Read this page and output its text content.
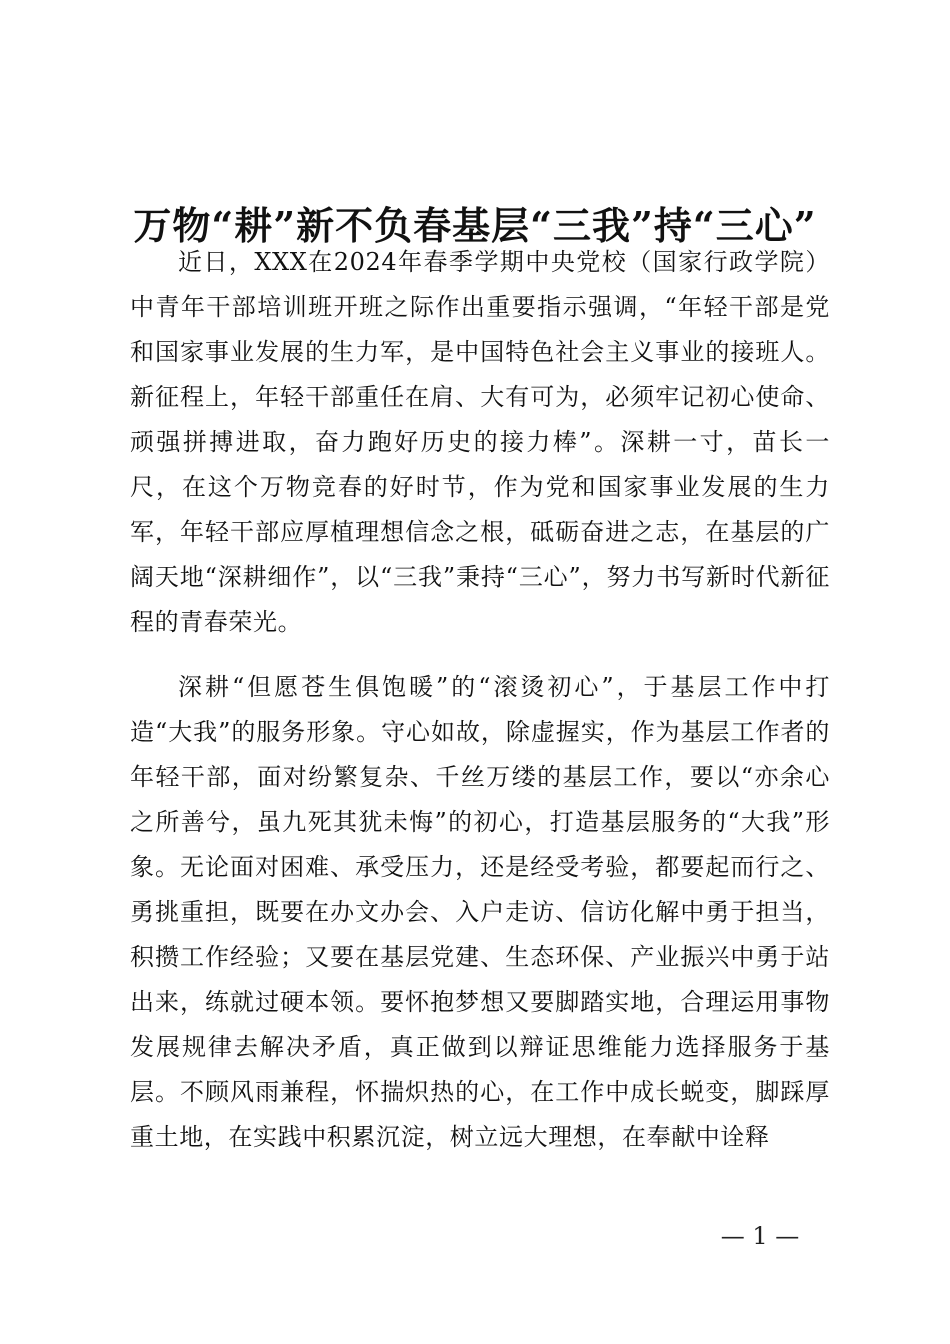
万物“耕”新不负春基层“三我”持“三心”

近日，XXX在2024年春季学期中央党校（国家行政学院）中青年干部培训班开班之际作出重要指示强调，“年轻干部是党和国家事业发展的生力军，是中国特色社会主义事业的接班人。新征程上，年轻干部重任在肩、大有可为，必须牢记初心使命、顽强拼搏进取，奋力跑好历史的接力棒”。深耕一寸，苗长一尺，在这个万物竞春的好时节，作为党和国家事业发展的生力军，年轻干部应厚植理想信念之根，砥砺奋进之志，在基层的广阔天地“深耕细作”，以“三我”秉持“三心”，努力书写新时代新征程的青春荣光。

深耕“但愿苍生俱饱暖”的“滚烫初心”，于基层工作中打造“大我”的服务形象。守心如故，除虚握实，作为基层工作者的年轻干部，面对纷繁复杂、千丝万缕的基层工作，要以“亦余心之所善兮，虽九死其犹未悔”的初心，打造基层服务的“大我”形象。无论面对困难、承受压力，还是经受考验，都要起而行之、勇挑重担，既要在办文办会、入户走访、信访化解中勇于担当，积攒工作经验；又要在基层党建、生态环保、产业振兴中勇于站出来，练就过硬本领。要怀抱梦想又要脚踏实地，合理运用事物发展规律去解决矛盾，真正做到以辩证思维能力选择服务于基层。不顾风雨兼程，怀揣炽热的心，在工作中成长蜕变，脚踩厚重土地，在实践中积累沉淀，树立远大理想，在奉献中诠释

— 1 —
